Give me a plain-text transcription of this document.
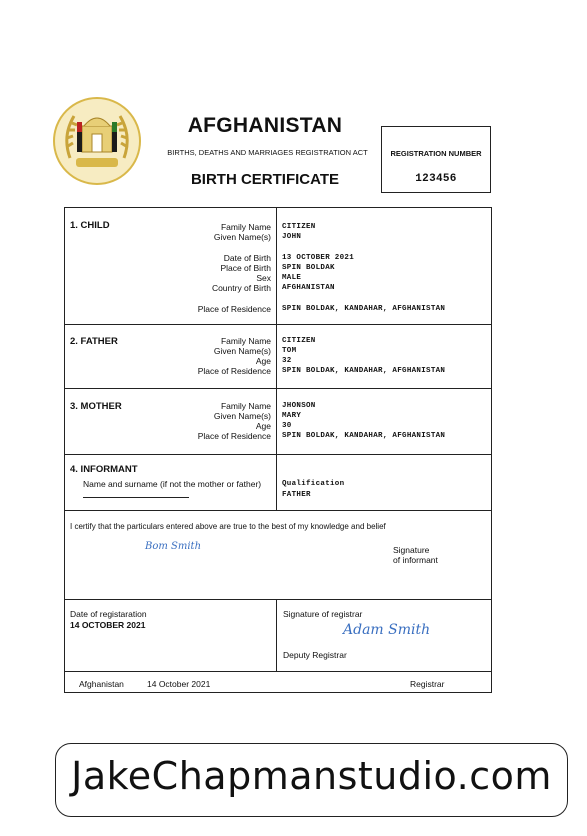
AFGHANISTAN
BIRTHS, DEATHS AND MARRIAGES REGISTRATION ACT
BIRTH CERTIFICATE
REGISTRATION NUMBER
123456
1. CHILD	Family Name CITIZEN
Given Name(s) JOHN
Date of Birth 13 OCTOBER 2021
Place of Birth SPIN BOLDAK
Sex MALE
Country of Birth AFGHANISTAN
Place of Residence SPIN BOLDAK, KANDAHAR, AFGHANISTAN
2. FATHER	Family Name CITIZEN
Given Name(s) TOM
Age 32
Place of Residence SPIN BOLDAK, KANDAHAR, AFGHANISTAN
3. MOTHER	Family Name JHONSON
Given Name(s) MARY
Age 30
Place of Residence SPIN BOLDAK, KANDAHAR, AFGHANISTAN
4. INFORMANT
Name and surname (if not the mother or father)	Qualification
FATHER
I certify that the particulars entered above are true to the best of my knowledge and belief
Bom Smith	Signature
of informant
Date of registaration
14 OCTOBER 2021
Signature of registrar
Adam Smith
Deputy Registrar
Afghanistan	14 October 2021	Registrar
JakeChapmanstudio.com
